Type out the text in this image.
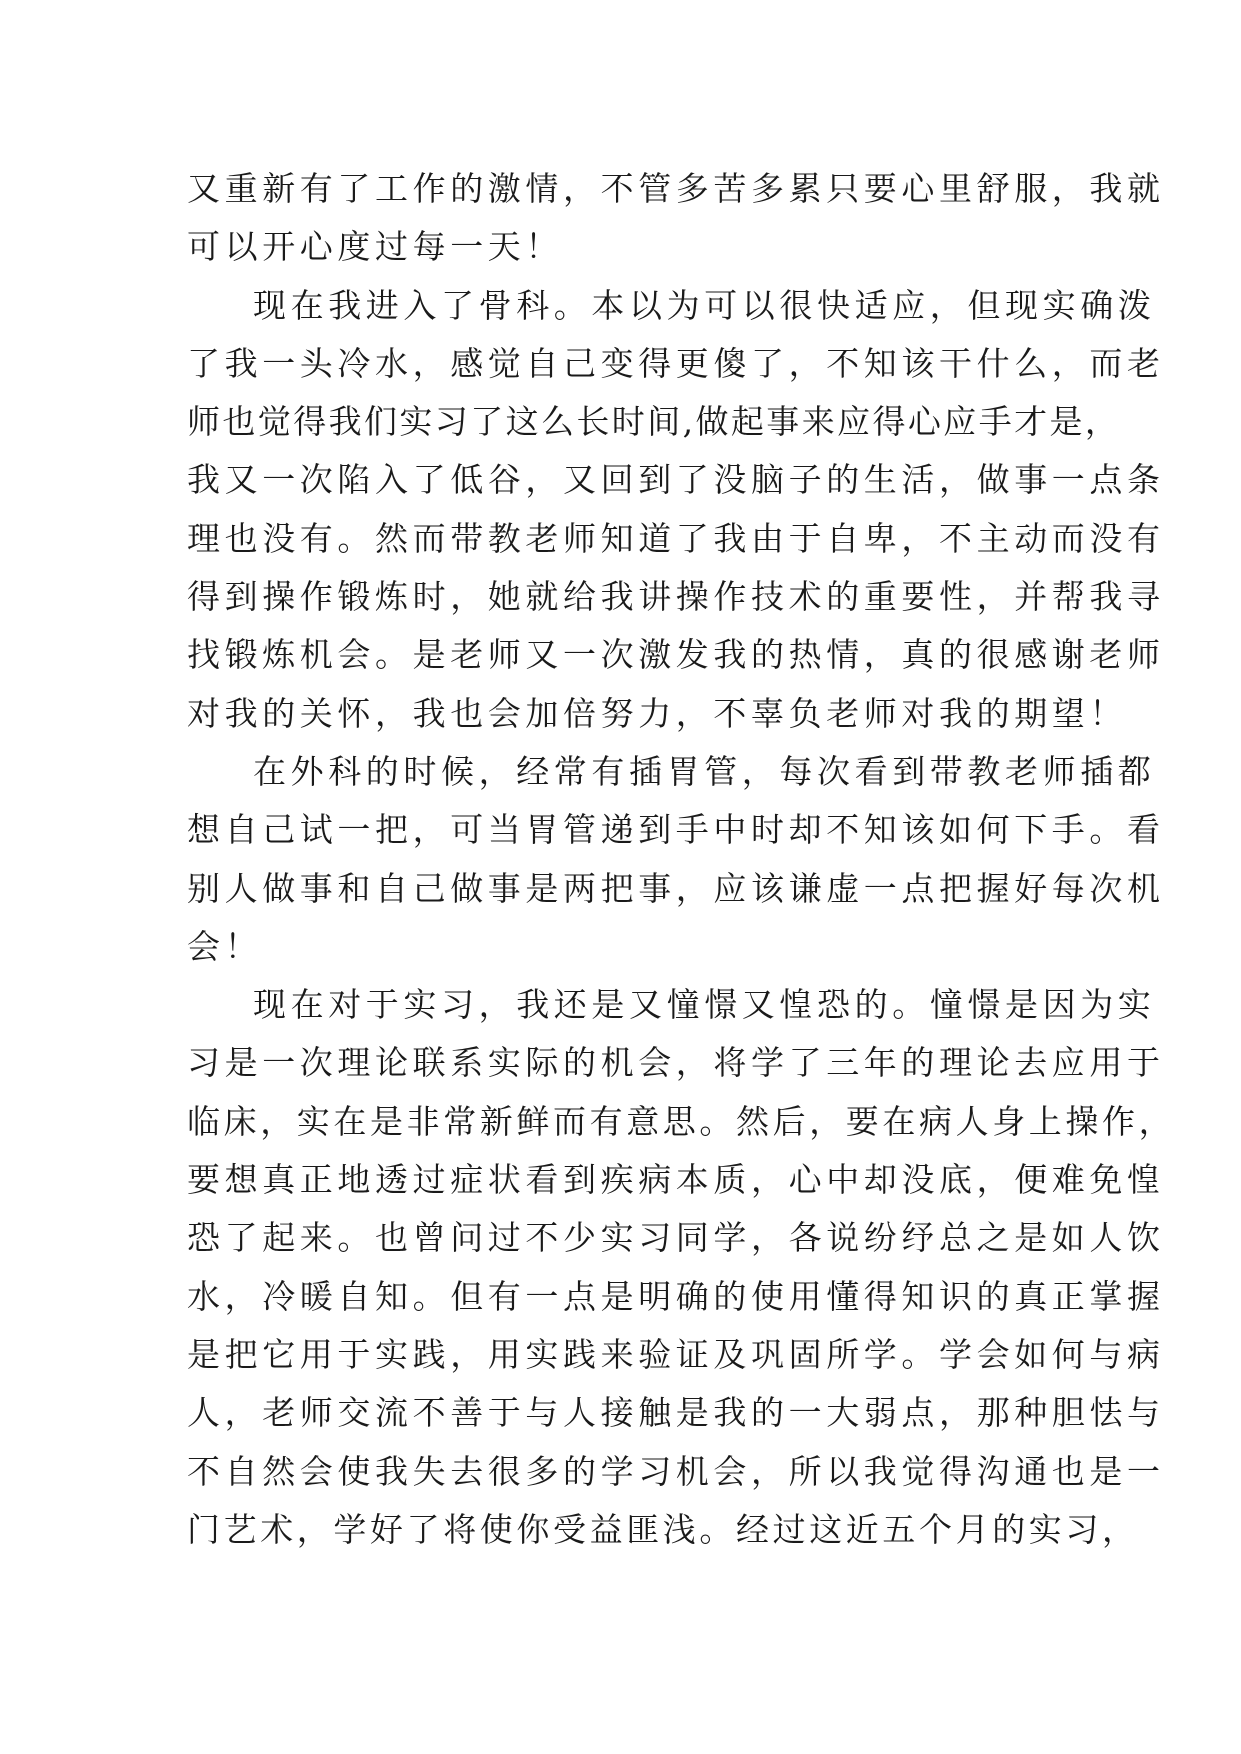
又重新有了工作的激情，不管多苦多累只要心里舒服，我就
可以开心度过每一天！
现在我进入了骨科。本以为可以很快适应，但现实确泼
了我一头冷水，感觉自己变得更傻了，不知该干什么，而老
师也觉得我们实习了这么长时间,做起事来应得心应手才是，
我又一次陷入了低谷，又回到了没脑子的生活，做事一点条
理也没有。然而带教老师知道了我由于自卑，不主动而没有
得到操作锻炼时，她就给我讲操作技术的重要性，并帮我寻
找锻炼机会。是老师又一次激发我的热情，真的很感谢老师
对我的关怀，我也会加倍努力，不辜负老师对我的期望！
在外科的时候，经常有插胃管，每次看到带教老师插都
想自己试一把，可当胃管递到手中时却不知该如何下手。看
别人做事和自己做事是两把事，应该谦虚一点把握好每次机
会！
现在对于实习，我还是又憧憬又惶恐的。憧憬是因为实
习是一次理论联系实际的机会，将学了三年的理论去应用于
临床，实在是非常新鲜而有意思。然后，要在病人身上操作，
要想真正地透过症状看到疾病本质，心中却没底，便难免惶
恐了起来。也曾问过不少实习同学，各说纷纾总之是如人饮
水，冷暖自知。但有一点是明确的使用懂得知识的真正掌握
是把它用于实践，用实践来验证及巩固所学。学会如何与病
人，老师交流不善于与人接触是我的一大弱点，那种胆怯与
不自然会使我失去很多的学习机会，所以我觉得沟通也是一
门艺术，学好了将使你受益匪浅。经过这近五个月的实习，
